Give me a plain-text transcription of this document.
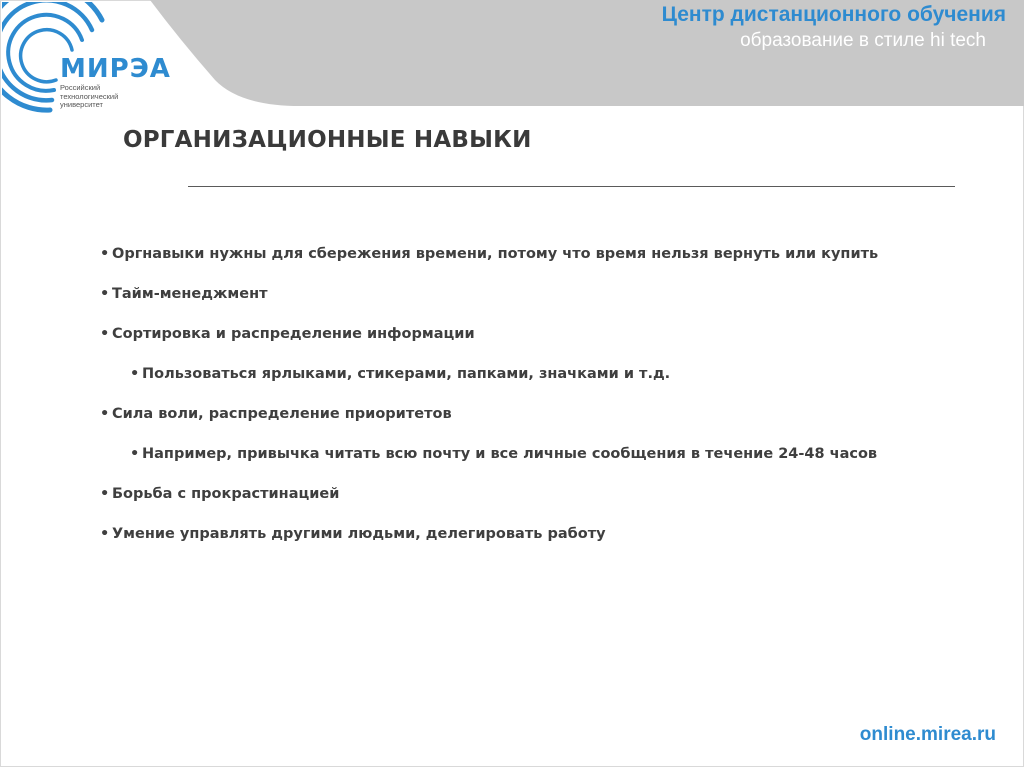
МИРЭА
Российский технологический университет
Центр дистанционного обучения
образование в стиле hi tech
ОРГАНИЗАЦИОННЫЕ НАВЫКИ
• Оргнавыки нужны для сбережения времени, потому что время нельзя вернуть или купить
• Тайм-менеджмент
• Сортировка и распределение информации
• Пользоваться ярлыками, стикерами, папками, значками и т.д.
• Сила воли, распределение приоритетов
• Например, привычка читать всю почту и все личные сообщения в течение 24-48 часов
• Борьба с прокрастинацией
• Умение управлять другими людьми, делегировать работу
online.mirea.ru
